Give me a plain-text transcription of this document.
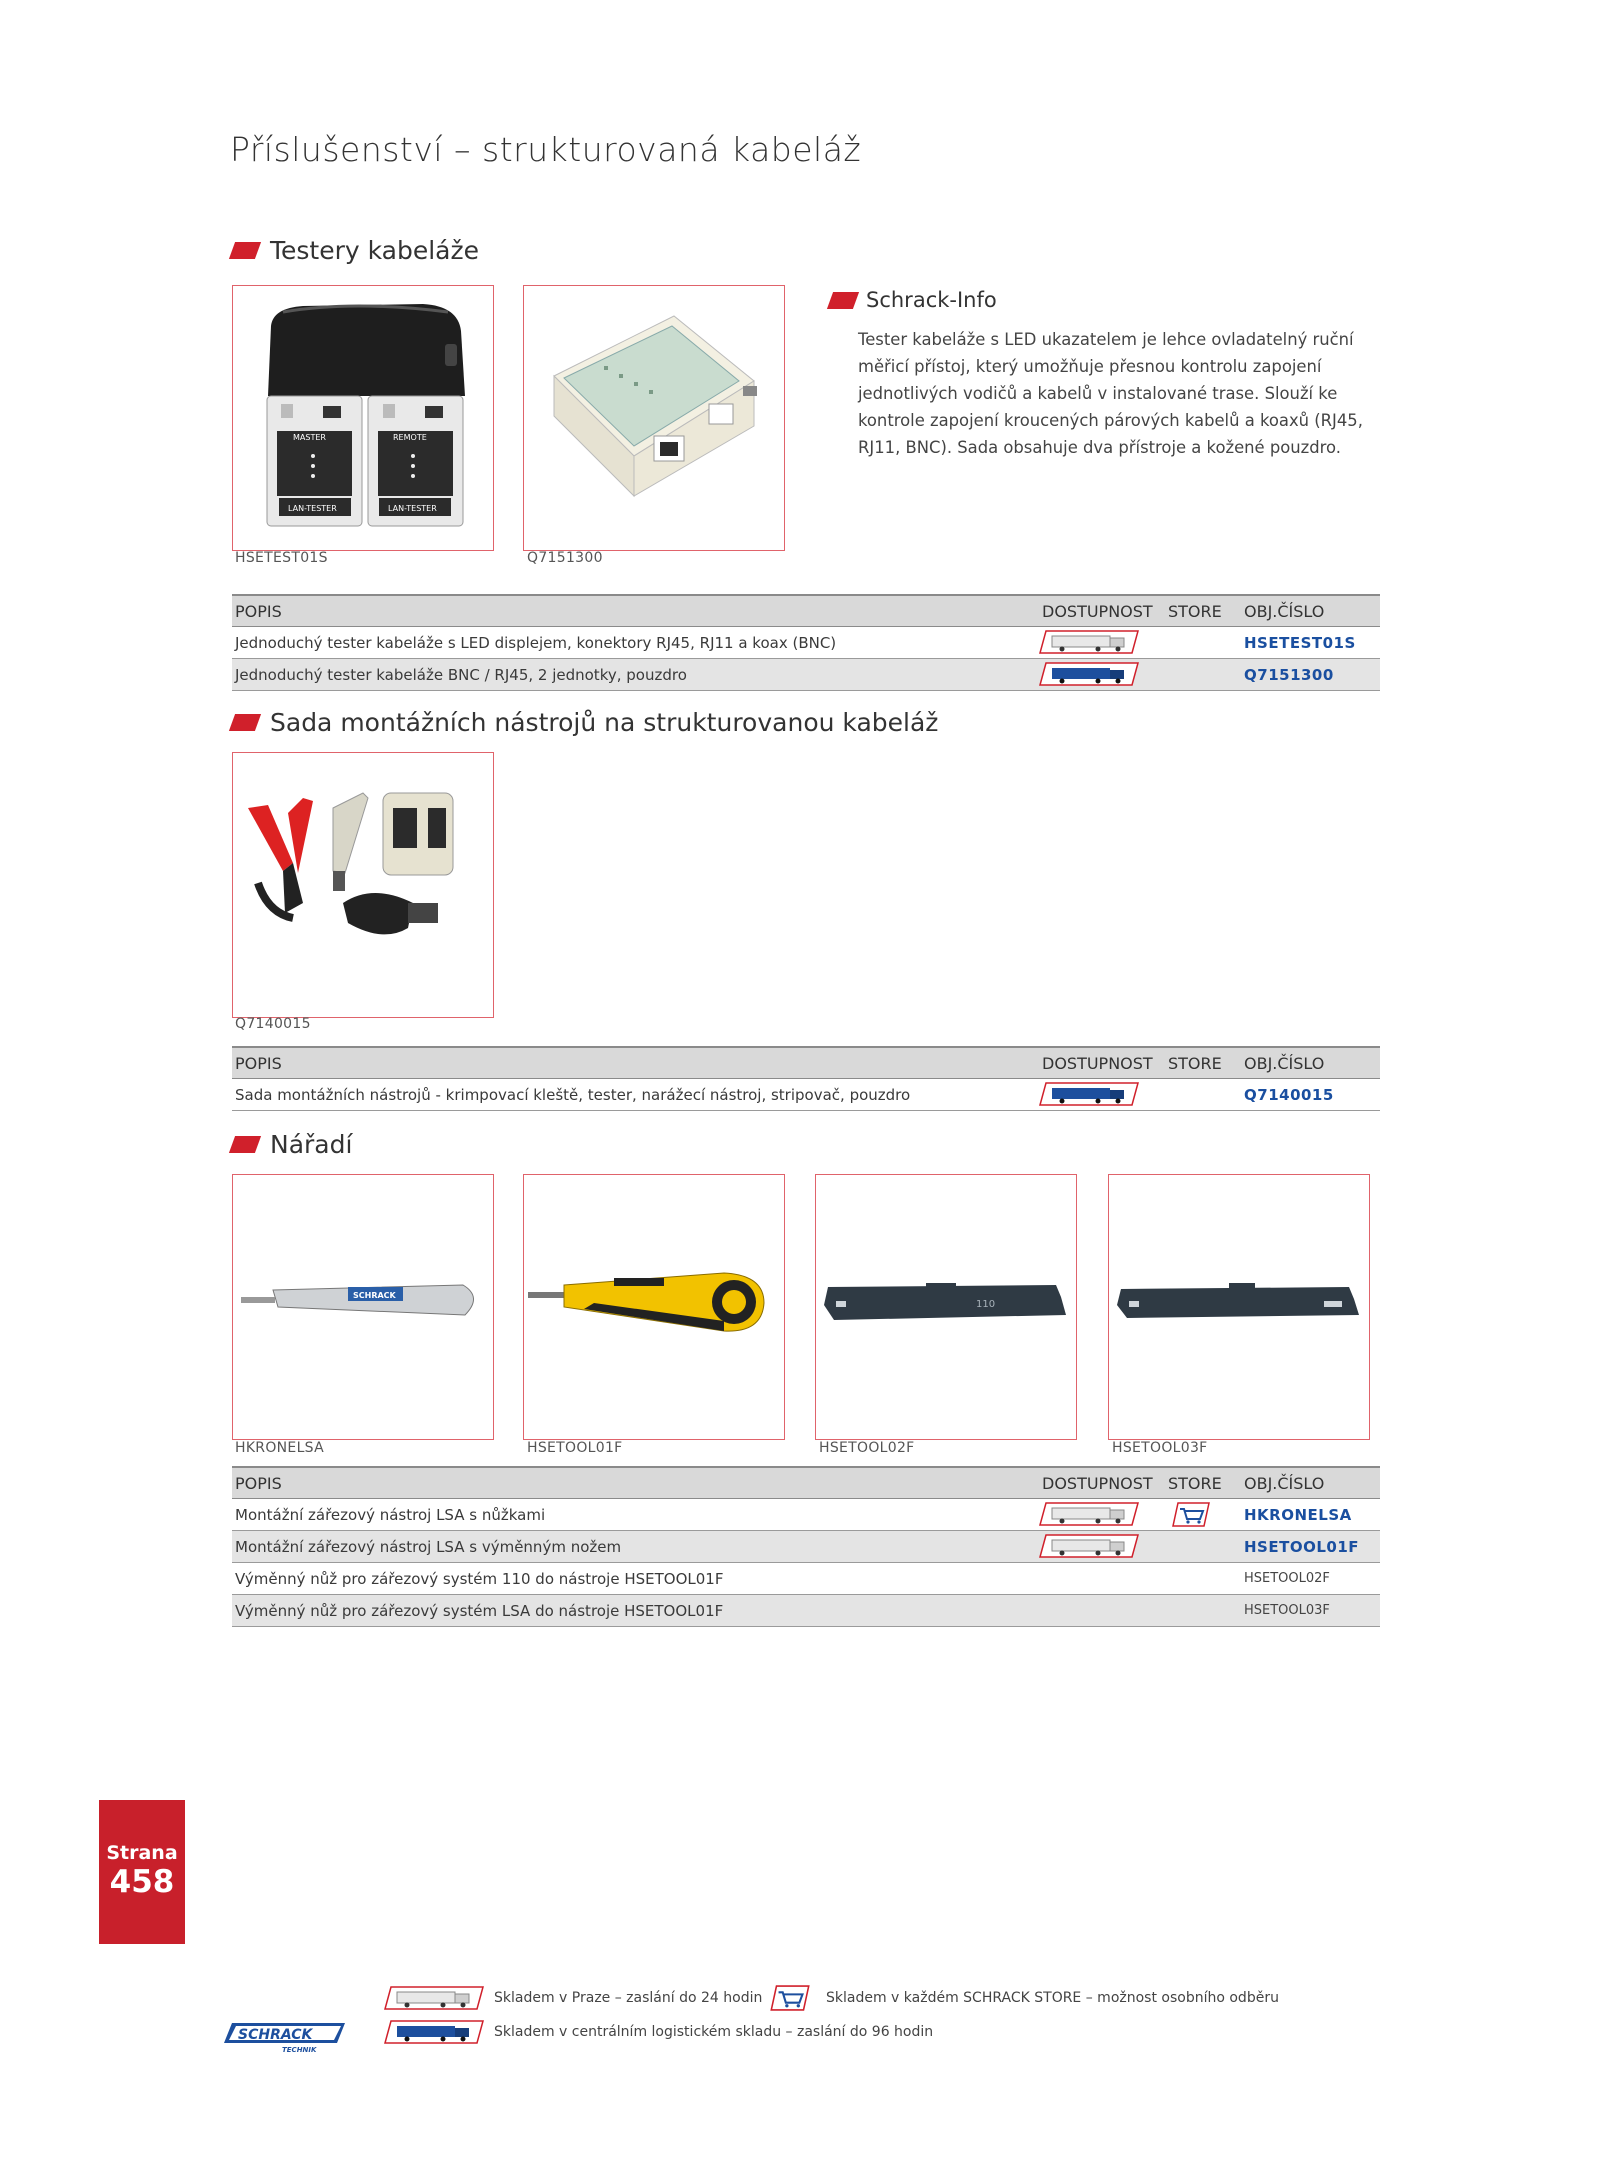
Příslušenství – strukturovaná kabeláž
Testery kabeláže
MASTER	REMOTE
LAN-TESTER	LAN-TESTER
HSETEST01S	Q7151300
Schrack-Info
Tester kabeláže s LED ukazatelem je lehce ovladatelný ruční měřicí přístoj, který umožňuje přesnou kontrolu zapojení jednotlivých vodičů a kabelů v instalované trase. Slouží ke kontrole zapojení kroucených párových kabelů a koaxů (RJ45, RJ11, BNC). Sada obsahuje dva přístroje a kožené pouzdro.
POPIS	DOSTUPNOST STORE OBJ.ČÍSLO
Jednoduchý tester kabeláže s LED displejem, konektory RJ45, RJ11 a koax (BNC)	HSETEST01S
Jednoduchý tester kabeláže BNC / RJ45, 2 jednotky, pouzdro	Q7151300
Sada montážních nástrojů na strukturovanou kabeláž
Q7140015
POPIS	DOSTUPNOST STORE OBJ.ČÍSLO
Sada montážních nástrojů - krimpovací kleště, tester, narážecí nástroj, stripovač, pouzdro	Q7140015
Nářadí
SCHRACK
HKRONELSA	HSETOOL01F
110
HSETOOL02F	HSETOOL03F
POPIS	DOSTUPNOST STORE OBJ.ČÍSLO
Montážní zářezový nástroj LSA s nůžkami	HKRONELSA
Montážní zářezový nástroj LSA s výměnným nožem	HSETOOL01F
Výměnný nůž pro zářezový systém 110 do nástroje HSETOOL01F	HSETOOL02F
Výměnný nůž pro zářezový systém LSA do nástroje HSETOOL01F	HSETOOL03F
Strana
458
Skladem v Praze – zaslání do 24 hodin	Skladem v každém SCHRACK STORE – možnost osobního odběru
SCHRACK
TECHNIK
Skladem v centrálním logistickém skladu – zaslání do 96 hodin
